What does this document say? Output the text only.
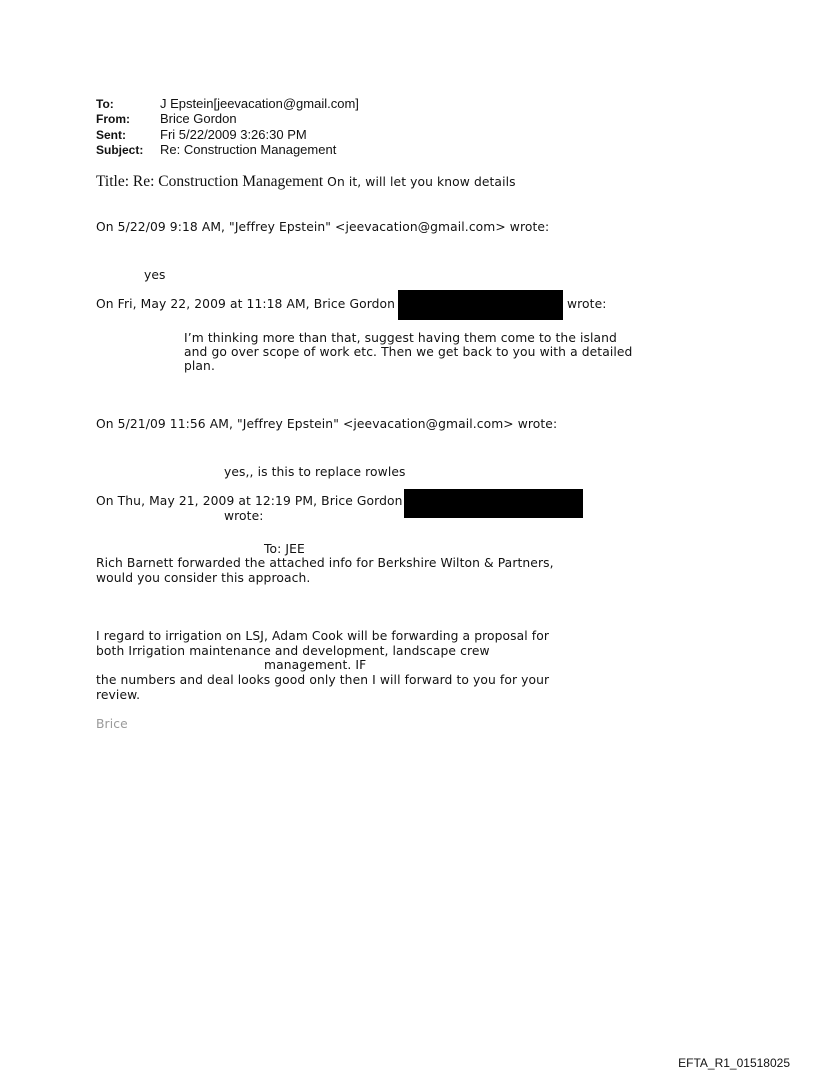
To:	J Epstein[jeevacation@gmail.com]
From: Brice Gordon
Sent:	Fri 5/22/2009 3:26:30 PM
Subject: Re: Construction Management
Title: Re: Construction Management On it, will let you know details
On 5/22/09 9:18 AM, "Jeffrey Epstein" <jeevacation@gmail.com> wrote:
yes
On Fri, May 22, 2009 at 11:18 AM, Brice Gordon	wrote:
I’m thinking more than that, suggest having them come to the island
and go over scope of work etc. Then we get back to you with a detailed
plan.
On 5/21/09 11:56 AM, "Jeffrey Epstein" <jeevacation@gmail.com> wrote:
yes,, is this to replace rowles
On Thu, May 21, 2009 at 12:19 PM, Brice Gordon
wrote:
To: JEE
Rich Barnett forwarded the attached info for Berkshire Wilton & Partners,
would you consider this approach.
I regard to irrigation on LSJ, Adam Cook will be forwarding a proposal for
both Irrigation maintenance and development, landscape crew
management. IF
the numbers and deal looks good only then I will forward to you for your
review.
Brice
EFTA_R1_01518025
